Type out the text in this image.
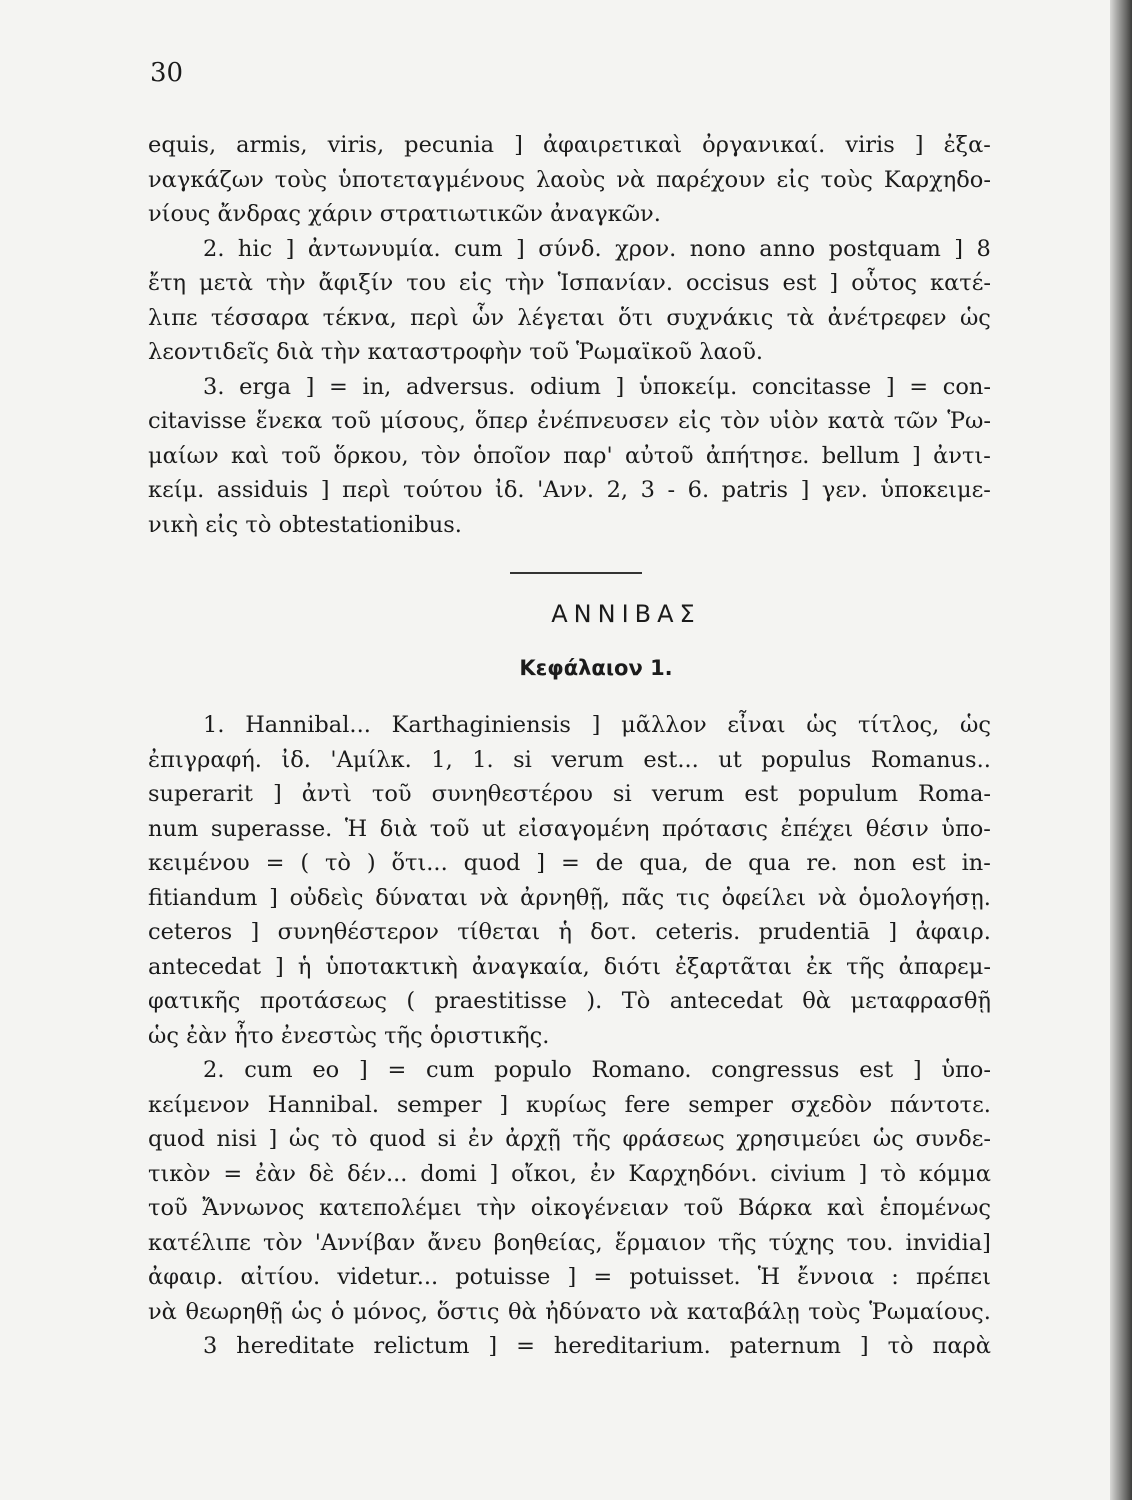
30
equis, armis, viris, pecunia ] ἀφαιρετικαὶ ὀργανικαί. viris ] ἐξα-
ναγκάζων τοὺς ὑποτεταγμένους λαοὺς νὰ παρέχουν εἰς τοὺς Καρχηδο-
νίους ἄνδρας χάριν στρατιωτικῶν ἀναγκῶν.
2. hic ] ἀντωνυμία. cum ] σύνδ. χρον. nono anno postquam ] 8
ἔτη μετὰ τὴν ἄφιξίν του εἰς τὴν Ἱσπανίαν. occisus est ] οὗτος κατέ-
λιπε τέσσαρα τέκνα, περὶ ὧν λέγεται ὅτι συχνάκις τὰ ἀνέτρεφεν ὡς
λεοντιδεῖς διὰ τὴν καταστροφὴν τοῦ Ῥωμαϊκοῦ λαοῦ.
3. erga ] = in, adversus. odium ] ὑποκείμ. concitasse ] = con-
citavisse ἕνεκα τοῦ μίσους, ὅπερ ἐνέπνευσεν εἰς τὸν υἱὸν κατὰ τῶν Ῥω-
μαίων καὶ τοῦ ὅρκου, τὸν ὁποῖον παρ' αὐτοῦ ἀπήτησε. bellum ] ἀντι-
κείμ. assiduis ] περὶ τούτου ἰδ. 'Ανν. 2, 3 - 6. patris ] γεν. ὑποκειμε-
νικὴ εἰς τὸ obtestationibus.
ΑΝΝΙΒΑΣ
Κεφάλαιον 1.
1. Hannibal... Karthaginiensis ] μᾶλλον εἶναι ὡς τίτλος, ὡς
ἐπιγραφή. ἰδ. 'Αμίλκ. 1, 1. si verum est... ut populus Romanus..
superarit ] ἀντὶ τοῦ συνηθεστέρου si verum est populum Roma-
num superasse. Ἡ διὰ τοῦ ut εἰσαγομένη πρότασις ἐπέχει θέσιν ὑπο-
κειμένου = ( τὸ ) ὅτι... quod ] = de qua, de qua re. non est in-
fitiandum ] οὐδεὶς δύναται νὰ ἀρνηθῇ, πᾶς τις ὀφείλει νὰ ὁμολογήσῃ.
ceteros ] συνηθέστερον τίθεται ἡ δοτ. ceteris. prudentiā ] ἀφαιρ.
antecedat ] ἡ ὑποτακτικὴ ἀναγκαία, διότι ἐξαρτᾶται ἐκ τῆς ἀπαρεμ-
φατικῆς προτάσεως ( praestitisse ). Τὸ antecedat θὰ μεταφρασθῇ
ὡς ἐὰν ἦτο ἐνεστὼς τῆς ὁριστικῆς.
2. cum eo ] = cum populo Romano. congressus est ] ὑπο-
κείμενον Hannibal. semper ] κυρίως fere semper σχεδὸν πάντοτε.
quod nisi ] ὡς τὸ quod si ἐν ἀρχῇ τῆς φράσεως χρησιμεύει ὡς συνδε-
τικὸν = ἐὰν δὲ δέν... domi ] οἴκοι, ἐν Καρχηδόνι. civium ] τὸ κόμμα
τοῦ Ἄννωνος κατεπολέμει τὴν οἰκογένειαν τοῦ Βάρκα καὶ ἑπομένως
κατέλιπε τὸν 'Αννίβαν ἄνευ βοηθείας, ἕρμαιον τῆς τύχης του. invidia]
ἀφαιρ. αἰτίου. videtur... potuisse ] = potuisset. Ἡ ἔννοια : πρέπει
νὰ θεωρηθῇ ὡς ὁ μόνος, ὅστις θὰ ἠδύνατο νὰ καταβάλῃ τοὺς Ῥωμαίους.
3 hereditate relictum ] = hereditarium. paternum ] τὸ παρὰ
